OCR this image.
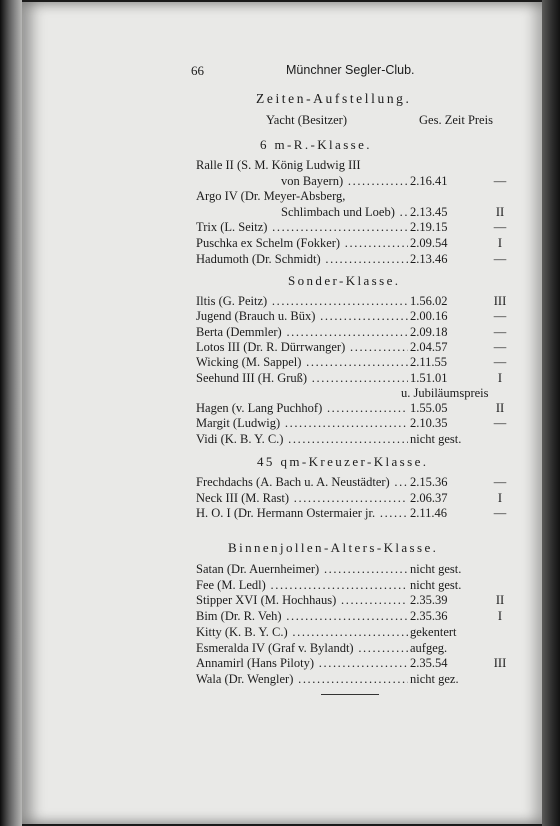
66	Münchner Segler-Club.
Zeiten-Aufstellung.
Yacht (Besitzer)	Ges. Zeit Preis
6 m-R.-Klasse.
Ralle II (S. M. König Ludwig III
von Bayern) .....	2.16.41	—
Argo IV (Dr. Meyer-Absberg,
Schlimbach und Loeb) .....	2.13.45	II
Trix (L. Seitz) .....	2.19.15	—
Puschka ex Schelm (Fokker) .....	2.09.54	I
Hadumoth (Dr. Schmidt) .....	2.13.46	—
Sonder-Klasse.
Iltis (G. Peitz) .....	1.56.02	III
Jugend (Brauch u. Büx) .....	2.00.16	—
Berta (Demmler) .....	2.09.18	—
Lotos III (Dr. R. Dürrwanger) .....	2.04.57	—
Wicking (M. Sappel) .....	2.11.55	—
Seehund III (H. Gruß) .....	1.51.01	I
u. Jubiläumspreis
Hagen (v. Lang Puchhof) .....	1.55.05	II
Margit (Ludwig) .....	2.10.35	—
Vidi (K. B. Y. C.) .....	nicht gest.
45 qm-Kreuzer-Klasse.
Frechdachs (A. Bach u. A. Neustädter) .....	2.15.36	—
Neck III (M. Rast) .....	2.06.37	I
H. O. I (Dr. Hermann Ostermaier jr. .....	2.11.46	—
Binnenjollen-Alters-Klasse.
Satan (Dr. Auernheimer) .....	nicht gest.
Fee (M. Ledl) .....	nicht gest.
Stipper XVI (M. Hochhaus) .....	2.35.39	II
Bim (Dr. R. Veh) .....	2.35.36	I
Kitty (K. B. Y. C.) .....	gekentert
Esmeralda IV (Graf v. Bylandt) .....	aufgeg.
Annamirl (Hans Piloty) .....	2.35.54	III
Wala (Dr. Wengler) .....	nicht gez.
